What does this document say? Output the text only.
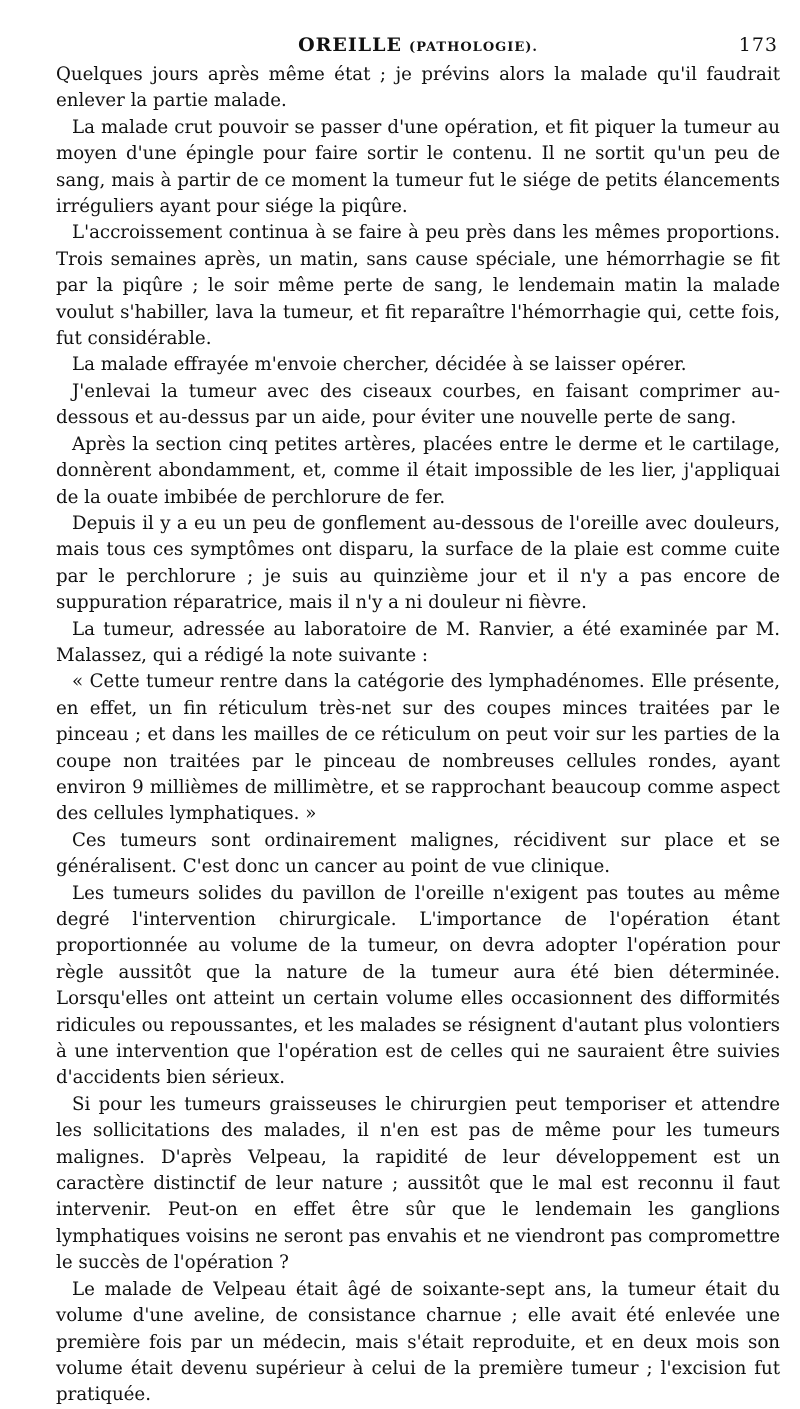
OREILLE (PATHOLOGIE).	173

Quelques jours après même état ; je prévins alors la malade qu'il faudrait enlever la partie malade.

La malade crut pouvoir se passer d'une opération, et fit piquer la tumeur au moyen d'une épingle pour faire sortir le contenu. Il ne sortit qu'un peu de sang, mais à partir de ce moment la tumeur fut le siége de petits élancements irréguliers ayant pour siége la piqûre.

L'accroissement continua à se faire à peu près dans les mêmes proportions. Trois semaines après, un matin, sans cause spéciale, une hémorrhagie se fit par la piqûre ; le soir même perte de sang, le lendemain matin la malade voulut s'habiller, lava la tumeur, et fit reparaître l'hémorrhagie qui, cette fois, fut considérable.

La malade effrayée m'envoie chercher, décidée à se laisser opérer.

J'enlevai la tumeur avec des ciseaux courbes, en faisant comprimer au-dessous et au-dessus par un aide, pour éviter une nouvelle perte de sang.

Après la section cinq petites artères, placées entre le derme et le cartilage, donnèrent abondamment, et, comme il était impossible de les lier, j'appliquai de la ouate imbibée de perchlorure de fer.

Depuis il y a eu un peu de gonflement au-dessous de l'oreille avec douleurs, mais tous ces symptômes ont disparu, la surface de la plaie est comme cuite par le perchlorure ; je suis au quinzième jour et il n'y a pas encore de suppuration réparatrice, mais il n'y a ni douleur ni fièvre.

La tumeur, adressée au laboratoire de M. Ranvier, a été examinée par M. Malassez, qui a rédigé la note suivante :

« Cette tumeur rentre dans la catégorie des lymphadénomes. Elle présente, en effet, un fin réticulum très-net sur des coupes minces traitées par le pinceau ; et dans les mailles de ce réticulum on peut voir sur les parties de la coupe non traitées par le pinceau de nombreuses cellules rondes, ayant environ 9 millièmes de millimètre, et se rapprochant beaucoup comme aspect des cellules lymphatiques. »

Ces tumeurs sont ordinairement malignes, récidivent sur place et se généralisent. C'est donc un cancer au point de vue clinique.

Les tumeurs solides du pavillon de l'oreille n'exigent pas toutes au même degré l'intervention chirurgicale. L'importance de l'opération étant proportionnée au volume de la tumeur, on devra adopter l'opération pour règle aussitôt que la nature de la tumeur aura été bien déterminée. Lorsqu'elles ont atteint un certain volume elles occasionnent des difformités ridicules ou repoussantes, et les malades se résignent d'autant plus volontiers à une intervention que l'opération est de celles qui ne sauraient être suivies d'accidents bien sérieux.

Si pour les tumeurs graisseuses le chirurgien peut temporiser et attendre les sollicitations des malades, il n'en est pas de même pour les tumeurs malignes. D'après Velpeau, la rapidité de leur développement est un caractère distinctif de leur nature ; aussitôt que le mal est reconnu il faut intervenir. Peut-on en effet être sûr que le lendemain les ganglions lymphatiques voisins ne seront pas envahis et ne viendront pas compromettre le succès de l'opération ?

Le malade de Velpeau était âgé de soixante-sept ans, la tumeur était du volume d'une aveline, de consistance charnue ; elle avait été enlevée une première fois par un médecin, mais s'était reproduite, et en deux mois son volume était devenu supérieur à celui de la première tumeur ; l'excision fut pratiquée.
